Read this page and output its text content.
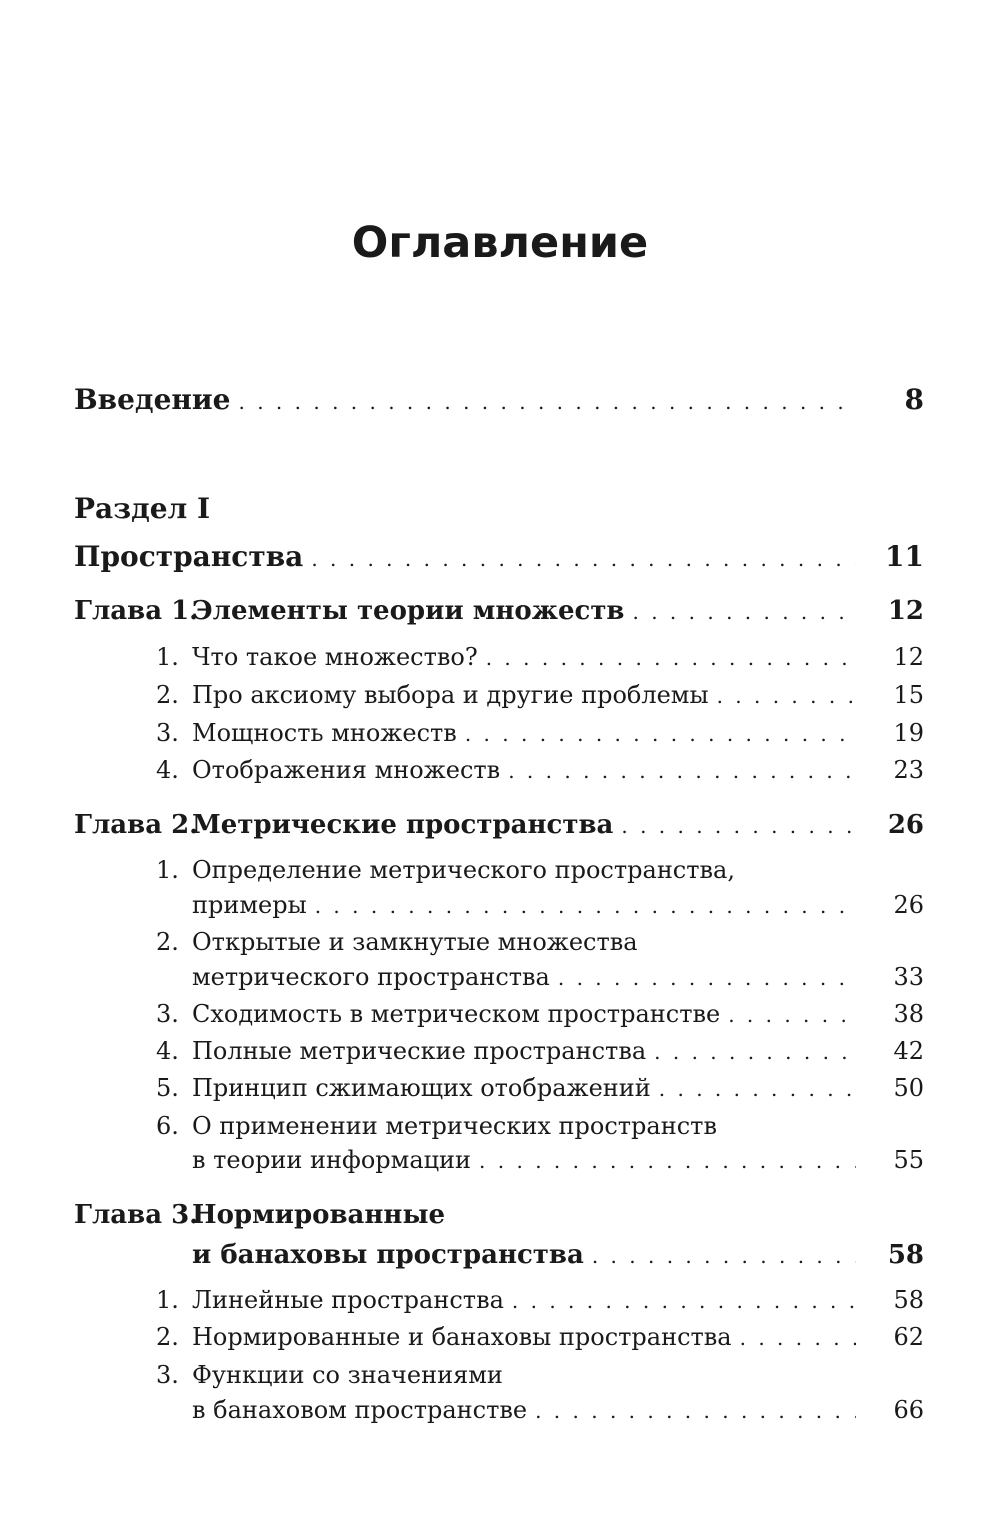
Оглавление
Введение . . .	8
Раздел I
Пространства . . .	11
Глава 1.Элементы теории множеств . . .	12
1. Что такое множество? . . .	12
2. Про аксиому выбора и другие проблемы . . .	15
3. Мощность множеств . . .	19
4. Отображения множеств . . .	23
Глава 2.Метрические пространства . . .	26
1. Определение метрического пространства,
примеры . . .	26
2. Открытые и замкнутые множества
метрического пространства . . .	33
3. Сходимость в метрическом пространстве . . .	38
4. Полные метрические пространства . . .	42
5. Принцип сжимающих отображений . . .	50
6. О применении метрических пространств
в теории информации . . .	55
Глава 3.Нормированные
и банаховы пространства . . .	58
1. Линейные пространства . . .	58
2. Нормированные и банаховы пространства . . .	62
3. Функции со значениями
в банаховом пространстве . . .	66
